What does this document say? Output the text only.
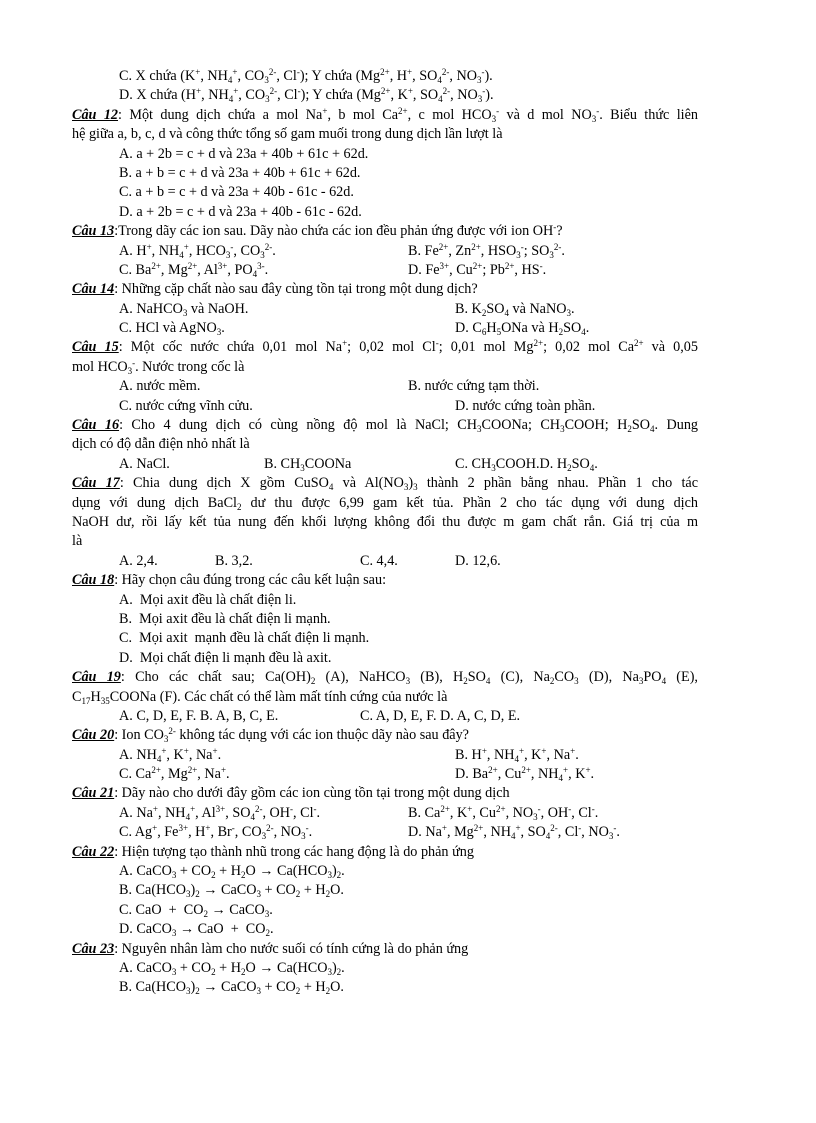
C. X chứa (K+, $NH_4^+$, $CO_3^{2-}$, Cl-); Y chứa ($Mg^{2+}$, H+, $SO_4^{2-}$, $NO_3^-$).
D. X chứa (H+, $NH_4^+$, $CO_3^{2-}$, Cl-); Y chứa ($Mg^{2+}$, K+, $SO_4^{2-}$, $NO_3^-$).
Câu 12: Một dung dịch chứa a mol Na+, b mol $Ca^{2+}$, c mol $HCO_3^-$ và d mol $NO_3^-$. Biểu thức liên
hệ giữa a, b, c, d và công thức tổng số gam muối trong dung dịch lần lượt là
A. a + 2b = c + d và 23a + 40b + 61c + 62d.
B. a + b = c + d và 23a + 40b + 61c + 62d.
C. a + b = c + d và 23a + 40b - 61c - 62d.
D. a + 2b = c + d và 23a + 40b - 61c - 62d.
Câu 13:Trong dãy các ion sau. Dãy nào chứa các ion đều phản ứng được với ion OH-?
A. H+, $NH_4^+$, $HCO_3^-$, $CO_3^{2-}$.	B. $Fe^{2+}$, $Zn^{2+}$, $HSO_3^-$; $SO_3^{2-}$.
C. $Ba^{2+}$, $Mg^{2+}$, $Al^{3+}$, $PO_4^{3-}$.	D. $Fe^{3+}$, $Cu^{2+}$; $Pb^{2+}$, HS-.
Câu 14: Những cặp chất nào sau đây cùng tồn tại trong một dung dịch?
A. NaHCO$_3$ và NaOH.	B. $K_2SO_4$ và NaNO$_3$.
C. HCl và AgNO$_3$.	D. $C_6H_5ONa$ và $H_2SO_4$.
Câu 15: Một cốc nước chứa 0,01 mol Na+; 0,02 mol Cl-; 0,01 mol $Mg^{2+}$; 0,02 mol $Ca^{2+}$ và 0,05
mol $HCO_3^-$. Nước trong cốc là
A. nước mềm.	B. nước cứng tạm thời.
C. nước cứng vĩnh cửu.	D. nước cứng toàn phần.
Câu 16: Cho 4 dung dịch có cùng nồng độ mol là NaCl; $CH_3COONa$; $CH_3COOH$; $H_2SO_4$. Dung
dịch có độ dẫn điện nhỏ nhất là
A. NaCl.	B. $CH_3COONa$	C. $CH_3COOH.D$. $H_2SO_4$.
Câu 17: Chia dung dịch X gồm CuSO$_4$ và $Al(NO_3)_3$ thành 2 phần bằng nhau. Phần 1 cho tác
dụng với dung dịch BaCl$_2$ dư thu được 6,99 gam kết tủa. Phần 2 cho tác dụng với dung dịch
NaOH dư, rồi lấy kết tủa nung đến khối lượng không đổi thu được m gam chất rắn. Giá trị của m
là
A. 2,4.	B. 3,2.	C. 4,4.	D. 12,6.
Câu 18: Hãy chọn câu đúng trong các câu kết luận sau:
A.  Mọi axit đều là chất điện li.
B.  Mọi axit đều là chất điện li mạnh.
C.  Mọi axit  mạnh đều là chất điện li mạnh.
D.  Mọi chất điện li mạnh đều là axit.
Câu 19: Cho các chất sau; $Ca(OH)_2$ (A), NaHCO$_3$ (B), $H_2SO_4$ (C), $Na_2CO_3$ (D), $Na_3PO_4$ (E),
$C_{17}H_{35}COONa$ (F). Các chất có thể làm mất tính cứng của nước là
A. C, D, E, F. B. A, B, C, E.	C. A, D, E, F. D. A, C, D, E.
Câu 20: Ion $CO_3^{2-}$ không tác dụng với các ion thuộc dãy nào sau đây?
A. $NH_4^+$, K+, Na+.	B. H+, $NH_4^+$, K+, Na+.
C. $Ca^{2+}$, $Mg^{2+}$, Na+.	D. $Ba^{2+}$, $Cu^{2+}$, $NH_4^+$, K+.
Câu 21: Dãy nào cho dưới đây gồm các ion cùng tồn tại trong một dung dịch
A. Na+, $NH_4^+$, $Al^{3+}$, $SO_4^{2-}$, OH-, Cl-.	B. $Ca^{2+}$, K+, $Cu^{2+}$, $NO_3^-$, OH-, Cl-.
C. Ag+, $Fe^{3+}$, H+, Br-, $CO_3^{2-}$, $NO_3^-$.	D. Na+, $Mg^{2+}$, $NH_4^+$, $SO_4^{2-}$, Cl-, $NO_3^-$.
Câu 22: Hiện tượng tạo thành nhũ trong các hang động là do phản ứng
A. CaCO$_3$ + $CO_2 + H_2O \to Ca(HCO_3)_2$.
B. $Ca(HCO_3)_2$ → CaCO$_3$ + $CO_2 + H_2O$.
C. CaO  +  $CO_2$ → CaCO$_3$.
D. CaCO$_3$ → CaO  +  $CO_2$.
Câu 23: Nguyên nhân làm cho nước suối có tính cứng là do phản ứng
A. CaCO$_3$ + $CO_2 + H_2O \to Ca(HCO_3)_2$.
B. $Ca(HCO_3)_2$ → CaCO$_3$ + $CO_2 + H_2O$.
